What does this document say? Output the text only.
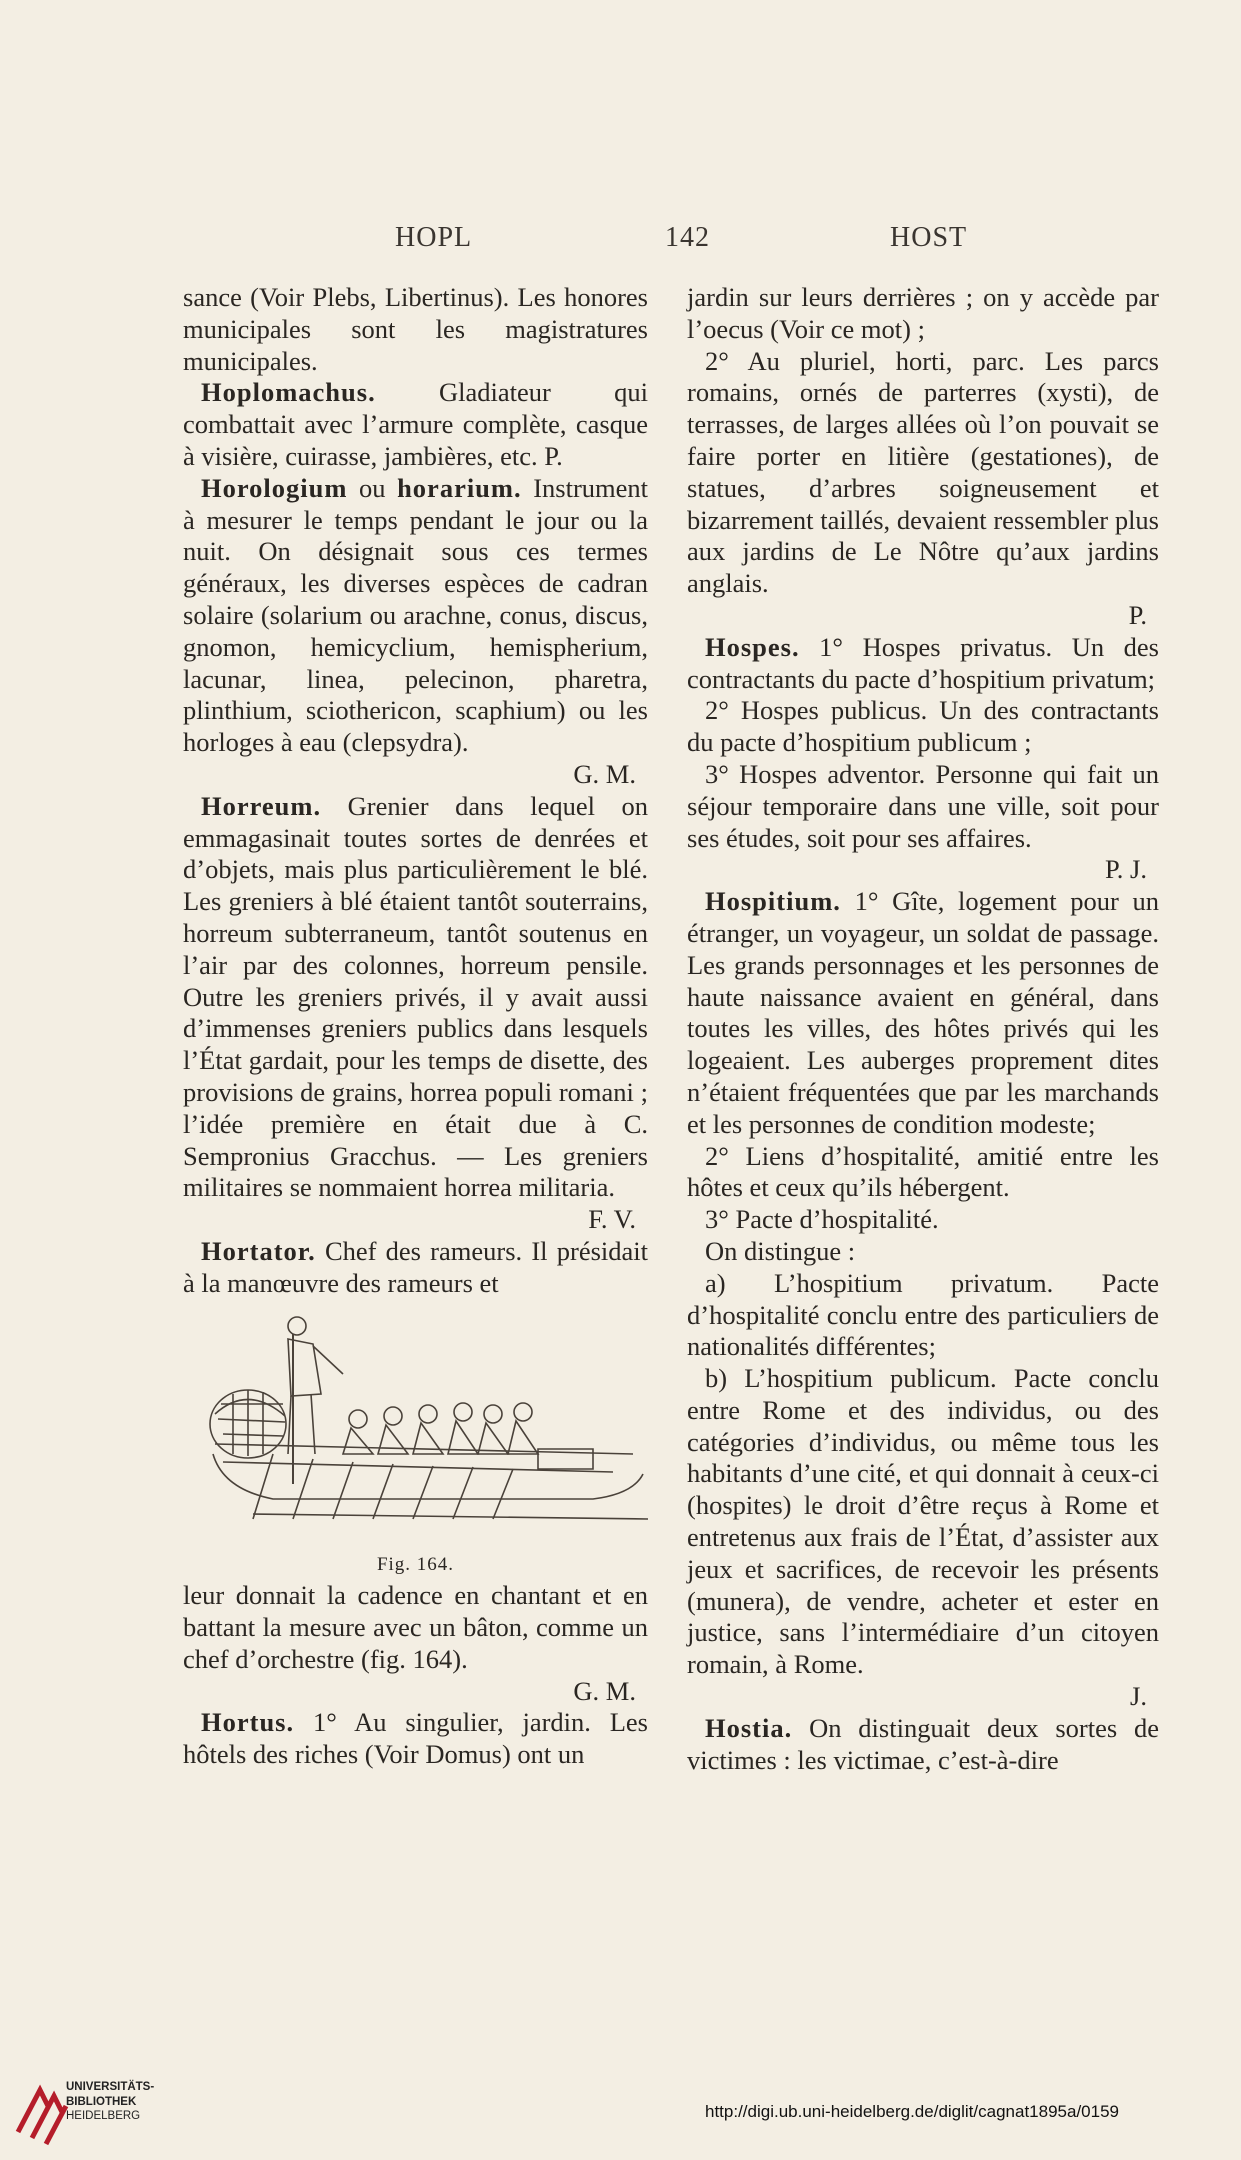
HOPL	142	HOST

sance (Voir Plebs, Libertinus). Les honores municipales sont les magistratures municipales.

Hoplomachus. Gladiateur qui combattait avec l’armure complète, casque à visière, cuirasse, jambières, etc. P.

Horologium ou horarium. Instrument à mesurer le temps pendant le jour ou la nuit. On désignait sous ces termes généraux, les diverses espèces de cadran solaire (solarium ou arachne, conus, discus, gnomon, hemicyclium, hemispherium, lacunar, linea, pelecinon, pharetra, plinthium, sciothericon, scaphium) ou les horloges à eau (clepsydra).

G. M.

Horreum. Grenier dans lequel on emmagasinait toutes sortes de denrées et d’objets, mais plus particulièrement le blé. Les greniers à blé étaient tantôt souterrains, horreum subterraneum, tantôt soutenus en l’air par des colonnes, horreum pensile. Outre les greniers privés, il y avait aussi d’immenses greniers publics dans lesquels l’État gardait, pour les temps de disette, des provisions de grains, horrea populi romani ; l’idée première en était due à C. Sempronius Gracchus. — Les greniers militaires se nommaient horrea militaria.

F. V.

Hortator. Chef des rameurs. Il présidait à la manœuvre des rameurs et

Fig. 164.

leur donnait la cadence en chantant et en battant la mesure avec un bâton, comme un chef d’orchestre (fig. 164).

G. M.

Hortus. 1° Au singulier, jardin. Les hôtels des riches (Voir Domus) ont un

jardin sur leurs derrières ; on y accède par l’oecus (Voir ce mot) ;

2° Au pluriel, horti, parc. Les parcs romains, ornés de parterres (xysti), de terrasses, de larges allées où l’on pouvait se faire porter en litière (gestationes), de statues, d’arbres soigneusement et bizarrement taillés, devaient ressembler plus aux jardins de Le Nôtre qu’aux jardins anglais.

P.

Hospes. 1° Hospes privatus. Un des contractants du pacte d’hospitium privatum;

2° Hospes publicus. Un des contractants du pacte d’hospitium publicum ;

3° Hospes adventor. Personne qui fait un séjour temporaire dans une ville, soit pour ses études, soit pour ses affaires.

P. J.

Hospitium. 1° Gîte, logement pour un étranger, un voyageur, un soldat de passage. Les grands personnages et les personnes de haute naissance avaient en général, dans toutes les villes, des hôtes privés qui les logeaient. Les auberges proprement dites n’étaient fréquentées que par les marchands et les personnes de condition modeste;

2° Liens d’hospitalité, amitié entre les hôtes et ceux qu’ils hébergent.

3° Pacte d’hospitalité.

On distingue :

a) L’hospitium privatum. Pacte d’hospitalité conclu entre des particuliers de nationalités différentes;

b) L’hospitium publicum. Pacte conclu entre Rome et des individus, ou des catégories d’individus, ou même tous les habitants d’une cité, et qui donnait à ceux-ci (hospites) le droit d’être reçus à Rome et entretenus aux frais de l’État, d’assister aux jeux et sacrifices, de recevoir les présents (munera), de vendre, acheter et ester en justice, sans l’intermédiaire d’un citoyen romain, à Rome.

J.

Hostia. On distinguait deux sortes de victimes : les victimae, c’est-à-dire

UNIVERSITÄTS-
BIBLIOTHEK
HEIDELBERG	http://digi.ub.uni-heidelberg.de/diglit/cagnat1895a/0159
